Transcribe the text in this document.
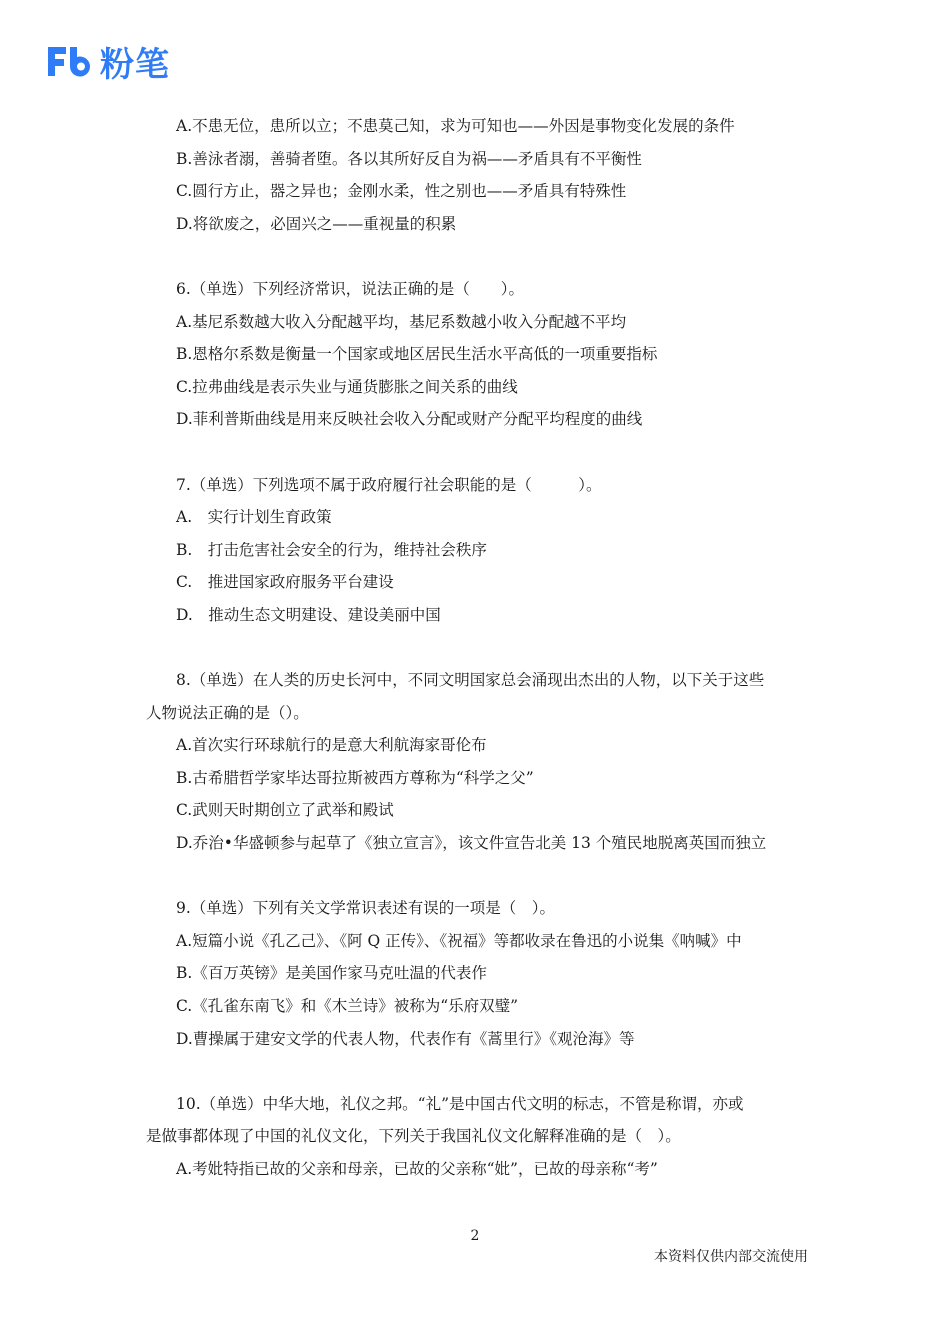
粉笔
A.不患无位，患所以立；不患莫己知，求为可知也——外因是事物变化发展的条件
B.善泳者溺，善骑者堕。各以其所好反自为祸——矛盾具有不平衡性
C.圆行方止，器之异也；金刚水柔，性之别也——矛盾具有特殊性
D.将欲废之，必固兴之——重视量的积累
6.（单选）下列经济常识，说法正确的是（　　）。
A.基尼系数越大收入分配越平均，基尼系数越小收入分配越不平均
B.恩格尔系数是衡量一个国家或地区居民生活水平高低的一项重要指标
C.拉弗曲线是表示失业与通货膨胀之间关系的曲线
D.菲利普斯曲线是用来反映社会收入分配或财产分配平均程度的曲线
7.（单选）下列选项不属于政府履行社会职能的是（　　　）。
A.　实行计划生育政策
B.　打击危害社会安全的行为，维持社会秩序
C.　推进国家政府服务平台建设
D.　推动生态文明建设、建设美丽中国
8.（单选）在人类的历史长河中，不同文明国家总会涌现出杰出的人物，以下关于这些
人物说法正确的是（）。
A.首次实行环球航行的是意大利航海家哥伦布
B.古希腊哲学家毕达哥拉斯被西方尊称为“科学之父”
C.武则天时期创立了武举和殿试
D.乔治•华盛顿参与起草了《独立宣言》，该文件宣告北美 13 个殖民地脱离英国而独立
9.（单选）下列有关文学常识表述有误的一项是（　）。
A.短篇小说《孔乙己》、《阿 Q 正传》、《祝福》等都收录在鲁迅的小说集《呐喊》中
B.《百万英镑》是美国作家马克吐温的代表作
C.《孔雀东南飞》和《木兰诗》被称为“乐府双璧”
D.曹操属于建安文学的代表人物，代表作有《蒿里行》《观沧海》等
10.（单选）中华大地，礼仪之邦。“礼”是中国古代文明的标志，不管是称谓，亦或
是做事都体现了中国的礼仪文化，下列关于我国礼仪文化解释准确的是（　）。
A.考妣特指已故的父亲和母亲，已故的父亲称“妣”，已故的母亲称“考”
2
本资料仅供内部交流使用
